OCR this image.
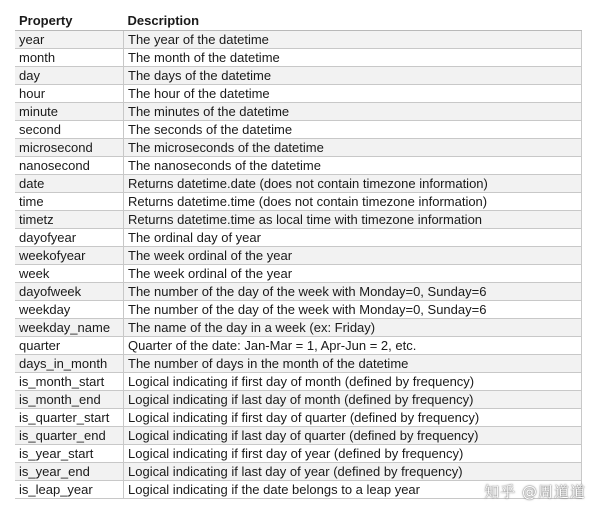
Property	Description
year	The year of the datetime
month	The month of the datetime
day	The days of the datetime
hour	The hour of the datetime
minute	The minutes of the datetime
second	The seconds of the datetime
microsecond	The microseconds of the datetime
nanosecond	The nanoseconds of the datetime
date	Returns datetime.date (does not contain timezone information)
time	Returns datetime.time (does not contain timezone information)
timetz	Returns datetime.time as local time with timezone information
dayofyear	The ordinal day of year
weekofyear	The week ordinal of the year
week	The week ordinal of the year
dayofweek	The number of the day of the week with Monday=0, Sunday=6
weekday	The number of the day of the week with Monday=0, Sunday=6
weekday_name	The name of the day in a week (ex: Friday)
quarter	Quarter of the date: Jan-Mar = 1, Apr-Jun = 2, etc.
days_in_month	The number of days in the month of the datetime
is_month_start	Logical indicating if first day of month (defined by frequency)
is_month_end	Logical indicating if last day of month (defined by frequency)
is_quarter_start	Logical indicating if first day of quarter (defined by frequency)
is_quarter_end	Logical indicating if last day of quarter (defined by frequency)
is_year_start	Logical indicating if first day of year (defined by frequency)
is_year_end	Logical indicating if last day of year (defined by frequency)
is_leap_year	Logical indicating if the date belongs to a leap year	知乎 @周道道
